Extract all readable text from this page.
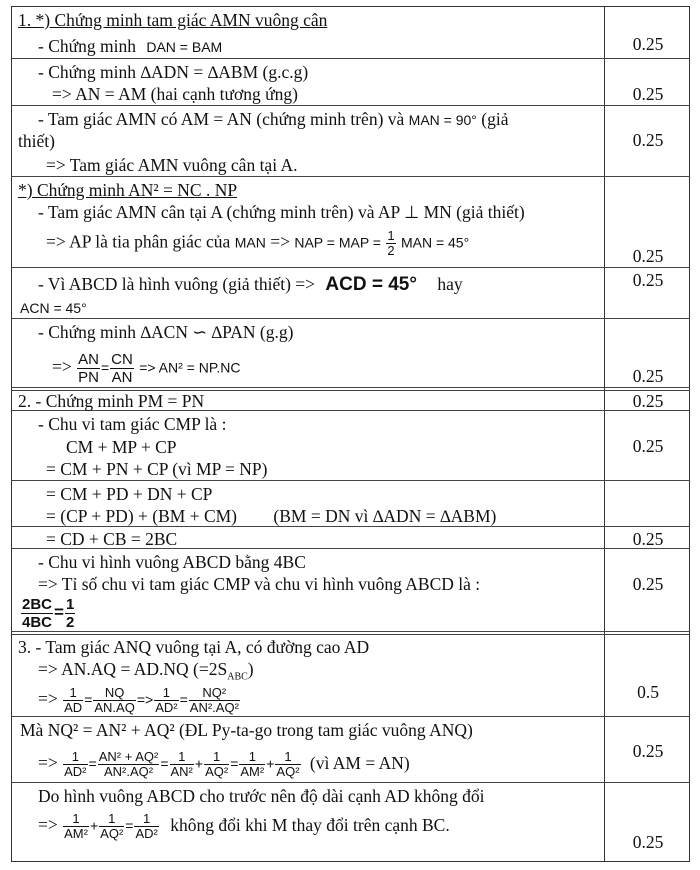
0.25
0.25
0.25
0.25
0.25
0.25
0.25
0.25
0.25
0.25
0.5
0.25
0.25
1. *) Chứng minh tam giác AMN vuông cân
- Chứng minh DAN = BAM
- Chứng minh ∆ADN = ∆ABM (g.c.g)
=> AN = AM (hai cạnh tương ứng)
- Tam giác AMN có AM = AN (chứng minh trên) và MAN = 90° (giả
thiết)
=> Tam giác AMN vuông cân tại A.
*) Chứng minh AN² = NC . NP
- Tam giác AMN cân tại A (chứng minh trên) và AP ⊥ MN (giả thiết)
=> AP là tia phân giác của MAN => NAP = MAP = $\frac{1}{2}$ MAN = 45°
- Vì ABCD là hình vuông (giả thiết) => ACD = 45° hay
ACN = 45°
- Chứng minh ∆ACN ∽ ∆PAN (g.g)
=> $\frac{AN}{PN} = \frac{CN}{AN} => AN^2 = NP.NC$
2. - Chứng minh PM = PN
- Chu vi tam giác CMP là :
CM + MP + CP
= CM + PN + CP (vì MP = NP)
= CM + PD + DN + CP
= (CP + PD) + (BM + CM) (BM = DN vì ∆ADN = ∆ABM)
= CD + CB = 2BC
- Chu vi hình vuông ABCD bằng 4BC
=> Tỉ số chu vi tam giác CMP và chu vi hình vuông ABCD là :
$\frac{2BC}{4BC} = \frac{1}{2}$
3. - Tam giác ANQ vuông tại A, có đường cao AD
=> AN.AQ = AD.NQ $(=2S_{ABC})$
=> $\frac{1}{AD} = \frac{NQ}{AN.AQ} => \frac{1}{\text{AD²}} = \frac{\text{NQ²}}{\text{AN².AQ²}}$
Mà NQ² = AN² + AQ² (ĐL Py-ta-go trong tam giác vuông ANQ)
=> $\frac{1}{\text{AD²}} = \frac{\text{AN² + AQ²}}{\text{AN².AQ²}} = \frac{1}{\text{AN²}} + \frac{1}{\text{AQ²}} = \frac{1}{\text{AM²}} + \frac{1}{\text{AQ²}}$ (vì AM = AN)
Do hình vuông ABCD cho trước nên độ dài cạnh AD không đổi
=> $\frac{1}{\text{AM²}} + \frac{1}{\text{AQ²}} = \frac{1}{\text{AD²}}$ không đổi khi M thay đổi trên cạnh BC.
